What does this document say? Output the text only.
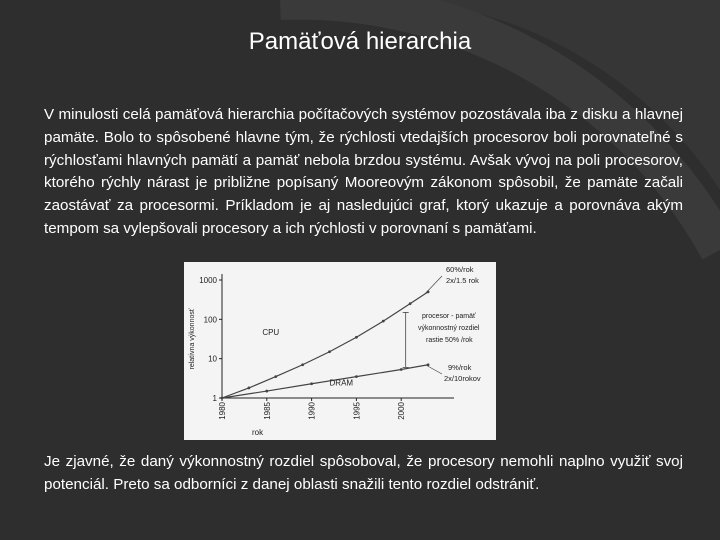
Pamäťová hierarchia

V minulosti celá pamäťová hierarchia počítačových systémov pozostávala iba z disku a hlavnej pamäte. Bolo to spôsobené hlavne tým, že rýchlosti vtedajších procesorov boli porovnateľné s rýchlosťami hlavných pamätí a pamäť nebola brzdou systému. Avšak vývoj na poli procesorov, ktorého rýchly nárast je približne popísaný Mooreovým zákonom spôsobil, že pamäte začali zaostávať za procesormi. Príkladom je aj nasledujúci graf, ktorý ukazuje a porovnáva akým tempom sa vylepšovali procesory a ich rýchlosti v porovnaní s pamäťami.

1
10
100
1000
1980	1985	1990	1995	2000
rok
relatívna výkonnosť	CPU
DRAM
60%/rok
2x/1.5 rok
procesor - pamäť
výkonnostný rozdiel
rastie 50% /rok
9%/rok
2x/10rokov

Je zjavné, že daný výkonnostný rozdiel spôsoboval, že procesory nemohli naplno využiť svoj potenciál. Preto sa odborníci z danej oblasti snažili tento rozdiel odstrániť.
